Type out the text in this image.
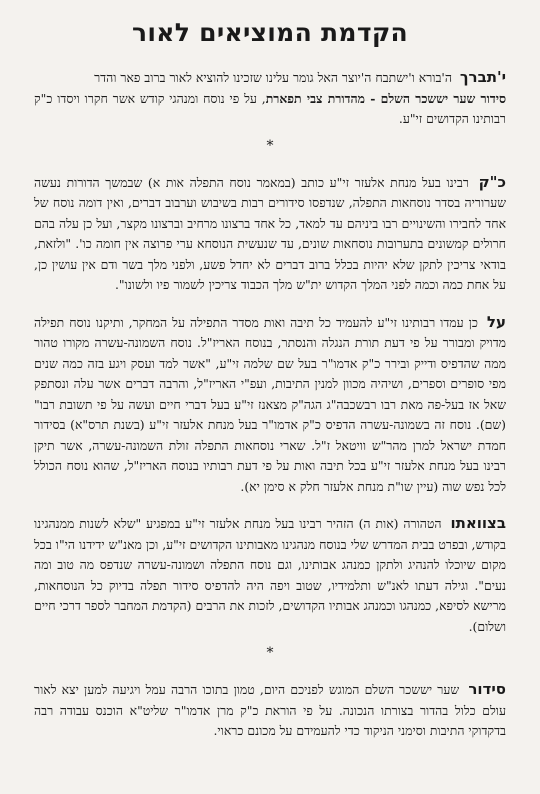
הקדמת המוציאים לאור

י'תברך ה'בורא ו'ישתבח ה'יוצר האל גומר עלינו שזכינו להוציא לאור ברוב פאר והדר
סידור שער יששכר השלם - מהדורת צבי תפארת, על פי נוסח ומנהגי קודש אשר חקרו ויסדו כ"ק רבותינו הקדושים זי"ע.

*

כ"ק רבינו בעל מנחת אלעזר זי"ע כותב (במאמר נוסח התפלה אות א) שבמשך הדורות נעשה שערוריה בסדר נוסחאות התפלה, שנדפסו סידורים רבות בשיבוש וערבוב דברים, ואין דומה נוסח של אחד לחבירו והשינויים רבו ביניהם עד למאד, כל אחד ברצונו מרחיב וברצונו מקצר, ועל כן עלה בהם חרולים קמשונים בתערובות נוסחאות שונים, עד שנעשית הנוסחא ערי פרוצה אין חומה כו'. "ולזאת, בודאי צריכין לתקן שלא יהיות בכלל ברוב דברים לא יחדל פשע, ולפני מלך בשר ודם אין עושין כן, על אחת כמה וכמה לפני המלך הקדוש ית"ש מלך הכבוד צריכין לשמור פיו ולשונו".

על כן עמדו רבותינו זי"ע להעמיד כל תיבה ואות מסדר התפילה על המחקר, ותיקנו נוסח תפילה מדויק ומבורר על פי דעת תורת הנגלה והנסתר, בנוסח האריז"ל. נוסח השמונה-עשרה מקורו טהור ממה שהדפיס ודייק ובירר כ"ק אדמו"ר בעל שם שלמה זי"ע, "אשר למד ועסק ויגע בזה כמה שנים מפי סופרים וספרים, ושיהיה מכוון למנין התיבות, ועפ"י האריז"ל, והרבה דברים אשר עלה ונסתפק שאל אז בעל-פה מאת רבו רבשכבה"ג הגה"ק מצאנז זי"ע בעל דברי חיים ועשה על פי תשובת רבו" (שם). נוסח זה בשמונה-עשרה הדפיס כ"ק אדמו"ר בעל מנחת אלעזר זי"ע (בשנת תרס"א) בסידור חמדת ישראל למרן מהר"ש וויטאל ז"ל. שארי נוסחאות התפלה זולת השמונה-עשרה, אשר תיקן רבינו בעל מנחת אלעזר זי"ע בכל תיבה ואות על פי דעת רבותיו בנוסח האריז"ל, שהוא נוסח הכולל לכל נפש שוה (עיין שו"ת מנחת אלעזר חלק א סימן יא).

בצוואתו הטהורה (אות ה) הזהיר רבינו בעל מנחת אלעזר זי"ע במפגיע "שלא לשנות ממנהגינו בקודש, ובפרט בבית המדרש שלי בנוסח מנהגינו מאבותינו הקדושים זי"ע, וכן מאנ"ש ידידנו הי"ו בכל מקום שיוכלו להנהיג ולתקן כמנהג אבותינו, וגם נוסח התפלה ושמונה-עשרה שנדפס מה טוב ומה נעים". וגילה דעתו לאנ"ש ותלמידיו, שטוב ויפה היה להדפיס סידור תפלה בדיוק כל הנוסחאות, מרישא לסיפא, כמנהגו וכמנהג אבותיו הקדושים, לזכות את הרבים (הקדמת המחבר לספר דרכי חיים ושלום).

*

סידור שער יששכר השלם המוגש לפניכם היום, טמון בתוכו הרבה עמל ויגיעה למען יצא לאור עולם כלול בהדור בצורתו הנכונה. על פי הוראת כ"ק מרן אדמו"ר שליט"א הוכנס עבודה רבה בדקדוקי התיבות וסימני הניקוד כדי להעמידם על מכונם כראוי.
